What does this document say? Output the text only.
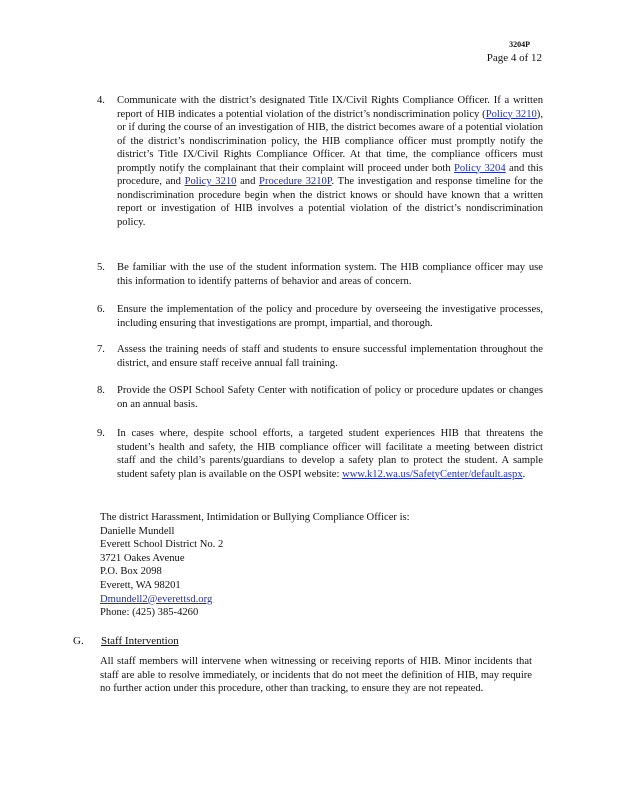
3204P
Page 4 of 12
4.	Communicate with the district’s designated Title IX/Civil Rights Compliance Officer. If a written report of HIB indicates a potential violation of the district’s nondiscrimination policy (Policy 3210), or if during the course of an investigation of HIB, the district becomes aware of a potential violation of the district’s nondiscrimination policy, the HIB compliance officer must promptly notify the district’s Title IX/Civil Rights Compliance Officer. At that time, the compliance officers must promptly notify the complainant that their complaint will proceed under both Policy 3204 and this procedure, and Policy 3210 and Procedure 3210P. The investigation and response timeline for the nondiscrimination procedure begin when the district knows or should have known that a written report or investigation of HIB involves a potential violation of the district’s nondiscrimination policy.
5.	Be familiar with the use of the student information system. The HIB compliance officer may use this information to identify patterns of behavior and areas of concern.
6.	Ensure the implementation of the policy and procedure by overseeing the investigative processes, including ensuring that investigations are prompt, impartial, and thorough.
7.	Assess the training needs of staff and students to ensure successful implementation throughout the district, and ensure staff receive annual fall training.
8.	Provide the OSPI School Safety Center with notification of policy or procedure updates or changes on an annual basis.
9.	In cases where, despite school efforts, a targeted student experiences HIB that threatens the student’s health and safety, the HIB compliance officer will facilitate a meeting between district staff and the child’s parents/guardians to develop a safety plan to protect the student. A sample student safety plan is available on the OSPI website: www.k12.wa.us/SafetyCenter/default.aspx.
The district Harassment, Intimidation or Bullying Compliance Officer is:
Danielle Mundell
Everett School District No. 2
3721 Oakes Avenue
P.O. Box 2098
Everett, WA 98201
Dmundell2@everettsd.org
Phone: (425) 385-4260
G. Staff Intervention
All staff members will intervene when witnessing or receiving reports of HIB. Minor incidents that staff are able to resolve immediately, or incidents that do not meet the definition of HIB, may require no further action under this procedure, other than tracking, to ensure they are not repeated.
